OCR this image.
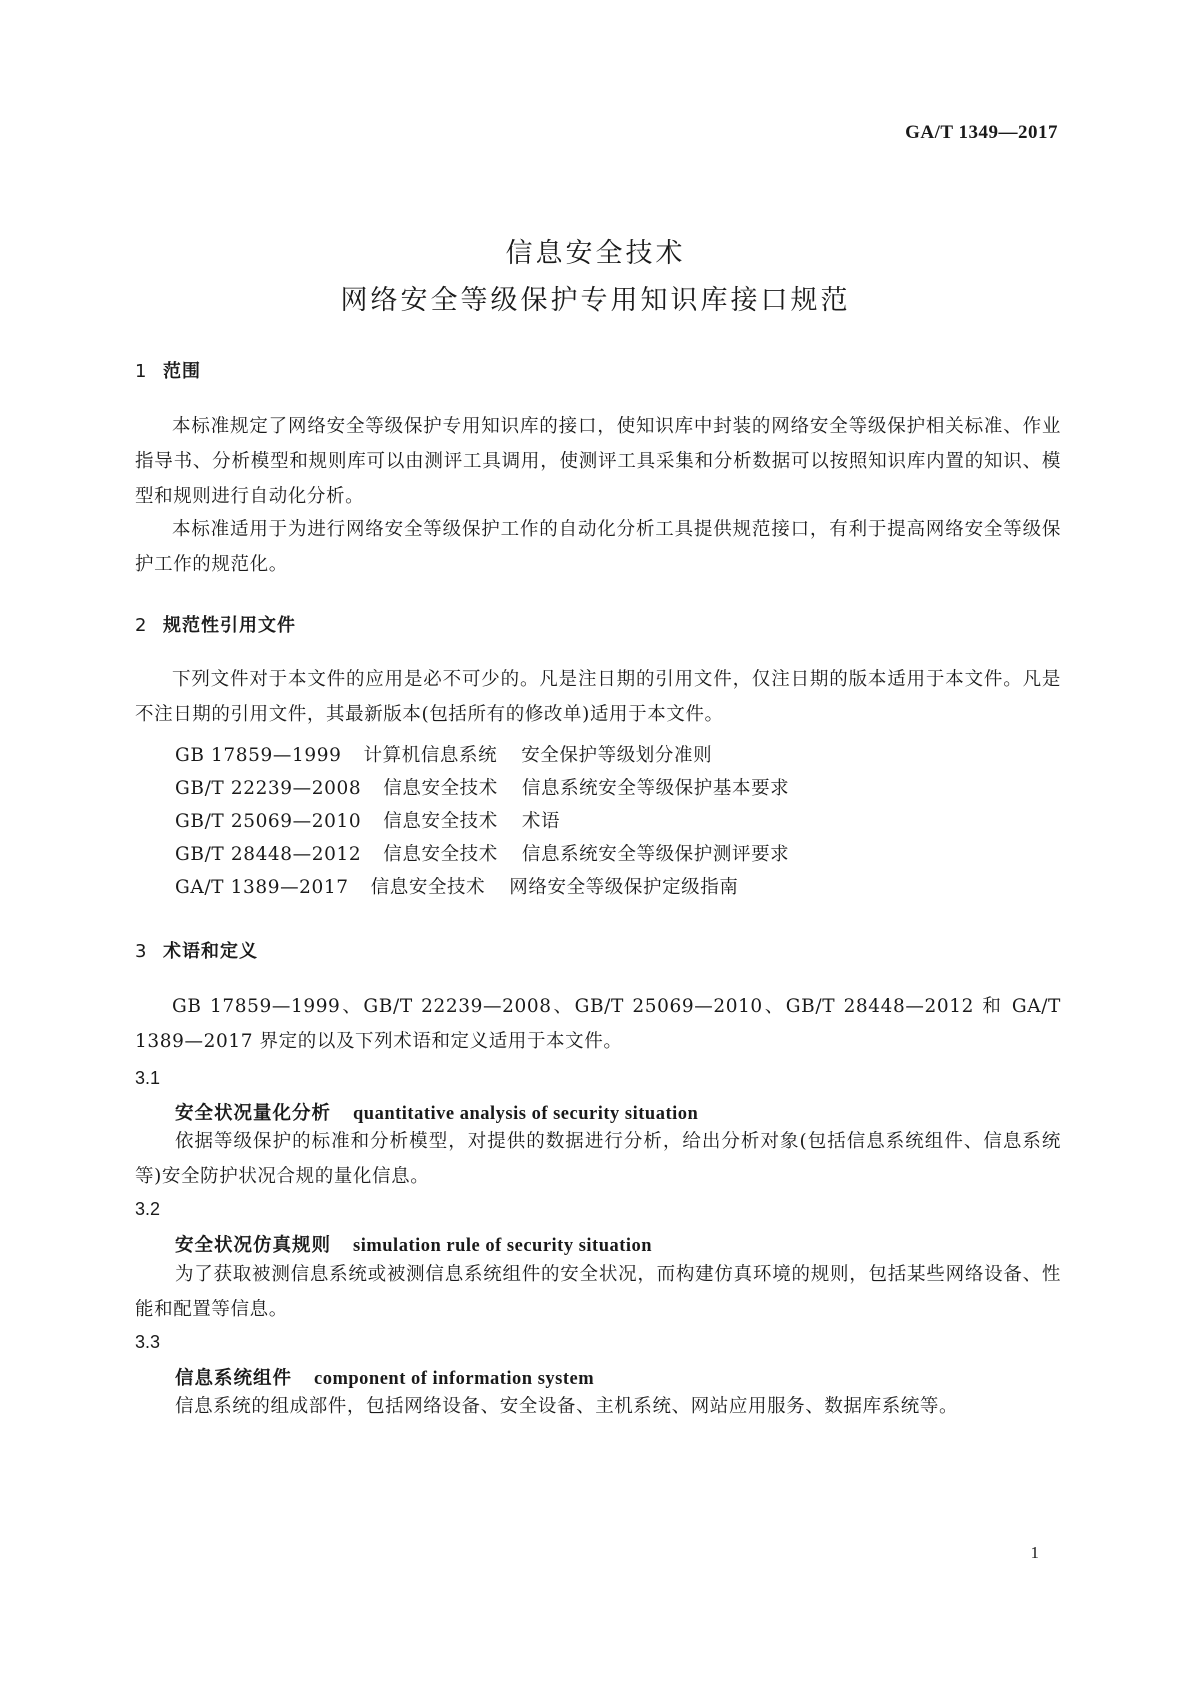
GA/T 1349—2017
信息安全技术
网络安全等级保护专用知识库接口规范
1 范围
本标准规定了网络安全等级保护专用知识库的接口，使知识库中封装的网络安全等级保护相关标准、作业指导书、分析模型和规则库可以由测评工具调用，使测评工具采集和分析数据可以按照知识库内置的知识、模型和规则进行自动化分析。
本标准适用于为进行网络安全等级保护工作的自动化分析工具提供规范接口，有利于提高网络安全等级保护工作的规范化。
2 规范性引用文件
下列文件对于本文件的应用是必不可少的。凡是注日期的引用文件，仅注日期的版本适用于本文件。凡是不注日期的引用文件，其最新版本(包括所有的修改单)适用于本文件。
GB 17859—1999 计算机信息系统 安全保护等级划分准则
GB/T 22239—2008 信息安全技术 信息系统安全等级保护基本要求
GB/T 25069—2010 信息安全技术 术语
GB/T 28448—2012 信息安全技术 信息系统安全等级保护测评要求
GA/T 1389—2017 信息安全技术 网络安全等级保护定级指南
3 术语和定义
GB 17859—1999、GB/T 22239—2008、GB/T 25069—2010、GB/T 28448—2012 和 GA/T 1389—2017 界定的以及下列术语和定义适用于本文件。
3.1
安全状况量化分析 quantitative analysis of security situation
依据等级保护的标准和分析模型，对提供的数据进行分析，给出分析对象(包括信息系统组件、信息系统等)安全防护状况合规的量化信息。
3.2
安全状况仿真规则 simulation rule of security situation
为了获取被测信息系统或被测信息系统组件的安全状况，而构建仿真环境的规则，包括某些网络设备、性能和配置等信息。
3.3
信息系统组件 component of information system
信息系统的组成部件，包括网络设备、安全设备、主机系统、网站应用服务、数据库系统等。
1
